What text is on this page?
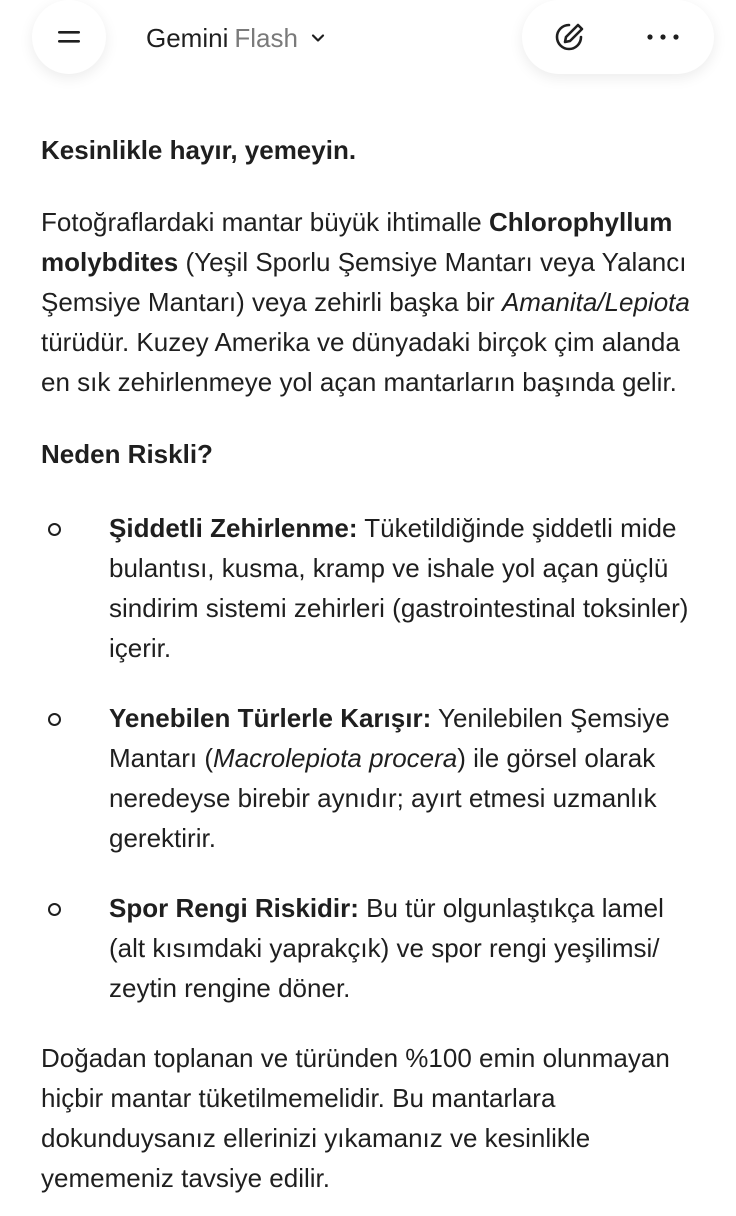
Gemini Flash

Kesinlikle hayır, yemeyin.

Fotoğraflardaki mantar büyük ihtimalle Chlorophyllum molybdites (Yeşil Sporlu Şemsiye Mantarı veya Yalancı Şemsiye Mantarı) veya zehirli başka bir Amanita/Lepiota türüdür. Kuzey Amerika ve dünyadaki birçok çim alanda en sık zehirlenmeye yol açan mantarların başında gelir.

Neden Riskli?

Şiddetli Zehirlenme: Tüketildiğinde şiddetli mide bulantısı, kusma, kramp ve ishale yol açan güçlü sindirim sistemi zehirleri (gastrointestinal toksinler) içerir.
Yenebilen Türlerle Karışır: Yenilebilen Şemsiye Mantarı (Macrolepiota procera) ile görsel olarak neredeyse birebir aynıdır; ayırt etmesi uzmanlık gerektirir.
Spor Rengi Riskidir: Bu tür olgunlaştıkça lamel (alt kısımdaki yaprakçık) ve spor rengi yeşilimsi/ zeytin rengine döner.

Doğadan toplanan ve türünden %100 emin olunmayan hiçbir mantar tüketilmemelidir. Bu mantarlara dokunduysanız ellerinizi yıkamanız ve kesinlikle yememeniz tavsiye edilir.
